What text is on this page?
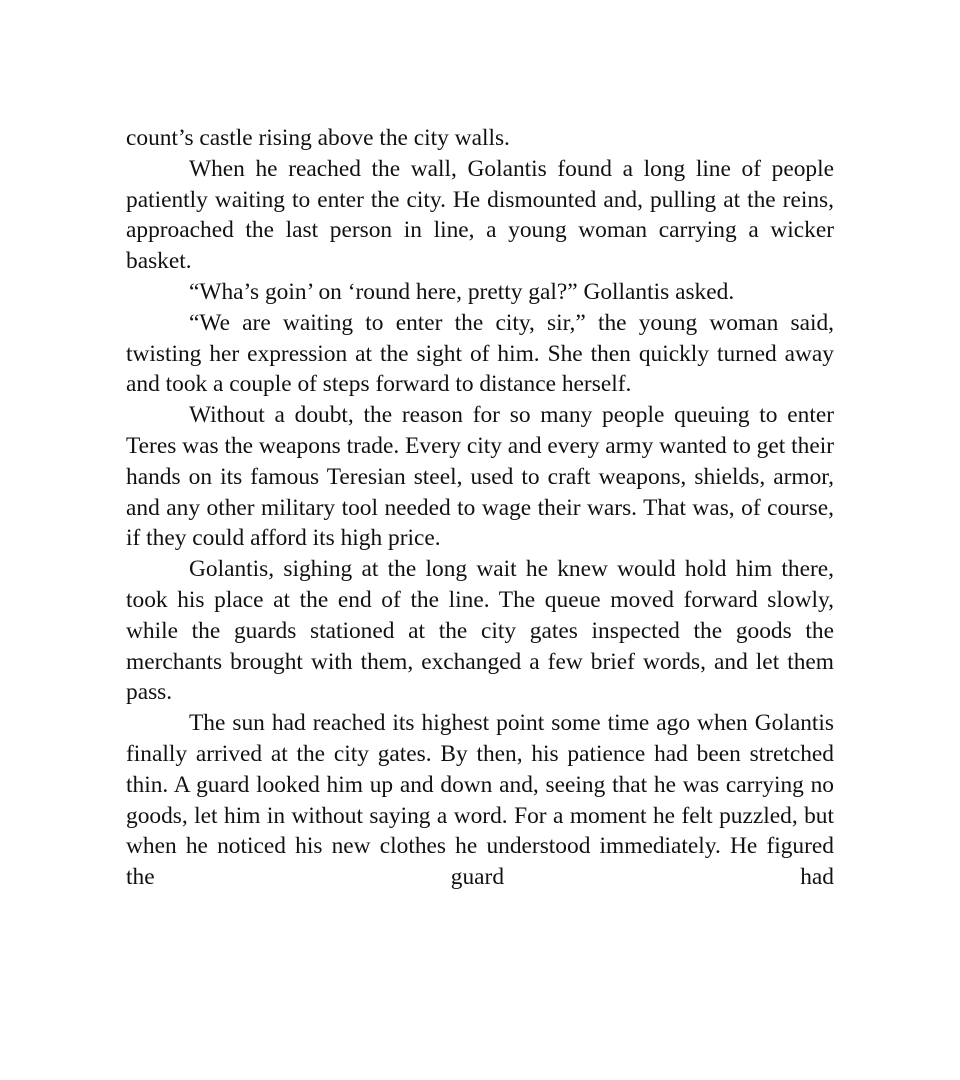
count’s castle rising above the city walls.

When he reached the wall, Golantis found a long line of people patiently waiting to enter the city. He dismounted and, pulling at the reins, approached the last person in line, a young woman carrying a wicker basket.

“Wha’s goin’ on ‘round here, pretty gal?” Gollantis asked.

“We are waiting to enter the city, sir,” the young woman said, twisting her expression at the sight of him. She then quickly turned away and took a couple of steps forward to distance herself.

Without a doubt, the reason for so many people queuing to enter Teres was the weapons trade. Every city and every army wanted to get their hands on its famous Teresian steel, used to craft weapons, shields, armor, and any other military tool needed to wage their wars. That was, of course, if they could afford its high price.

Golantis, sighing at the long wait he knew would hold him there, took his place at the end of the line. The queue moved forward slowly, while the guards stationed at the city gates inspected the goods the merchants brought with them, exchanged a few brief words, and let them pass.

The sun had reached its highest point some time ago when Golantis finally arrived at the city gates. By then, his patience had been stretched thin. A guard looked him up and down and, seeing that he was carrying no goods, let him in without saying a word. For a moment he felt puzzled, but when he noticed his new clothes he understood immediately. He figured the guard had
